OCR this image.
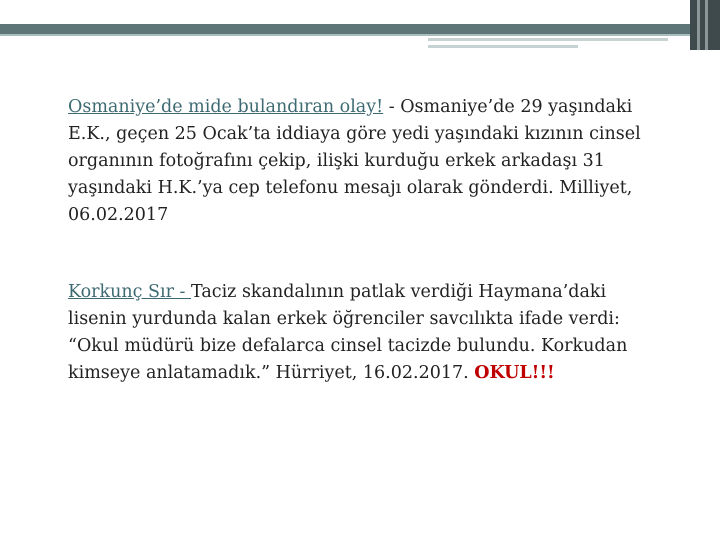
Osmaniye’de mide bulandıran olay! - Osmaniye’de 29 yaşındaki E.K., geçen 25 Ocak’ta iddiaya göre yedi yaşındaki kızının cinsel organının fotoğrafını çekip, ilişki kurduğu erkek arkadaşı 31 yaşındaki H.K.’ya cep telefonu mesajı olarak gönderdi. Milliyet, 06.02.2017

Korkunç Sır - Taciz skandalının patlak verdiği Haymana’daki lisenin yurdunda kalan erkek öğrenciler savcılıkta ifade verdi: “Okul müdürü bize defalarca cinsel tacizde bulundu. Korkudan kimseye anlatamadık.” Hürriyet, 16.02.2017. OKUL!!!
